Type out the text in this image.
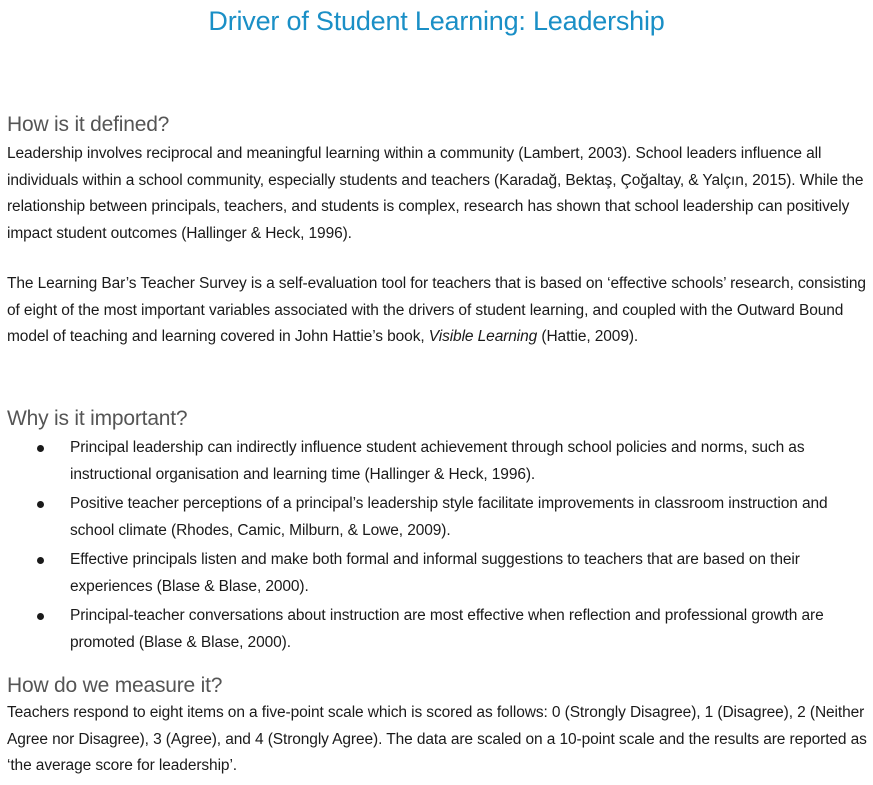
Driver of Student Learning: Leadership
How is it defined?

Leadership involves reciprocal and meaningful learning within a community (Lambert, 2003). School leaders influence all individuals within a school community, especially students and teachers (Karadağ, Bektaş, Çoğaltay, & Yalçın, 2015). While the relationship between principals, teachers, and students is complex, research has shown that school leadership can positively impact student outcomes (Hallinger & Heck, 1996).

The Learning Bar’s Teacher Survey is a self-evaluation tool for teachers that is based on ‘effective schools’ research, consisting of eight of the most important variables associated with the drivers of student learning, and coupled with the Outward Bound model of teaching and learning covered in John Hattie’s book, Visible Learning (Hattie, 2009).

Why is it important?
Principal leadership can indirectly influence student achievement through school policies and norms, such as instructional organisation and learning time (Hallinger & Heck, 1996).
Positive teacher perceptions of a principal’s leadership style facilitate improvements in classroom instruction and school climate (Rhodes, Camic, Milburn, & Lowe, 2009).
Effective principals listen and make both formal and informal suggestions to teachers that are based on their experiences (Blase & Blase, 2000).
Principal-teacher conversations about instruction are most effective when reflection and professional growth are promoted (Blase & Blase, 2000).
How do we measure it?

Teachers respond to eight items on a five-point scale which is scored as follows: 0 (Strongly Disagree), 1 (Disagree), 2 (Neither Agree nor Disagree), 3 (Agree), and 4 (Strongly Agree). The data are scaled on a 10-point scale and the results are reported as ‘the average score for leadership’.
